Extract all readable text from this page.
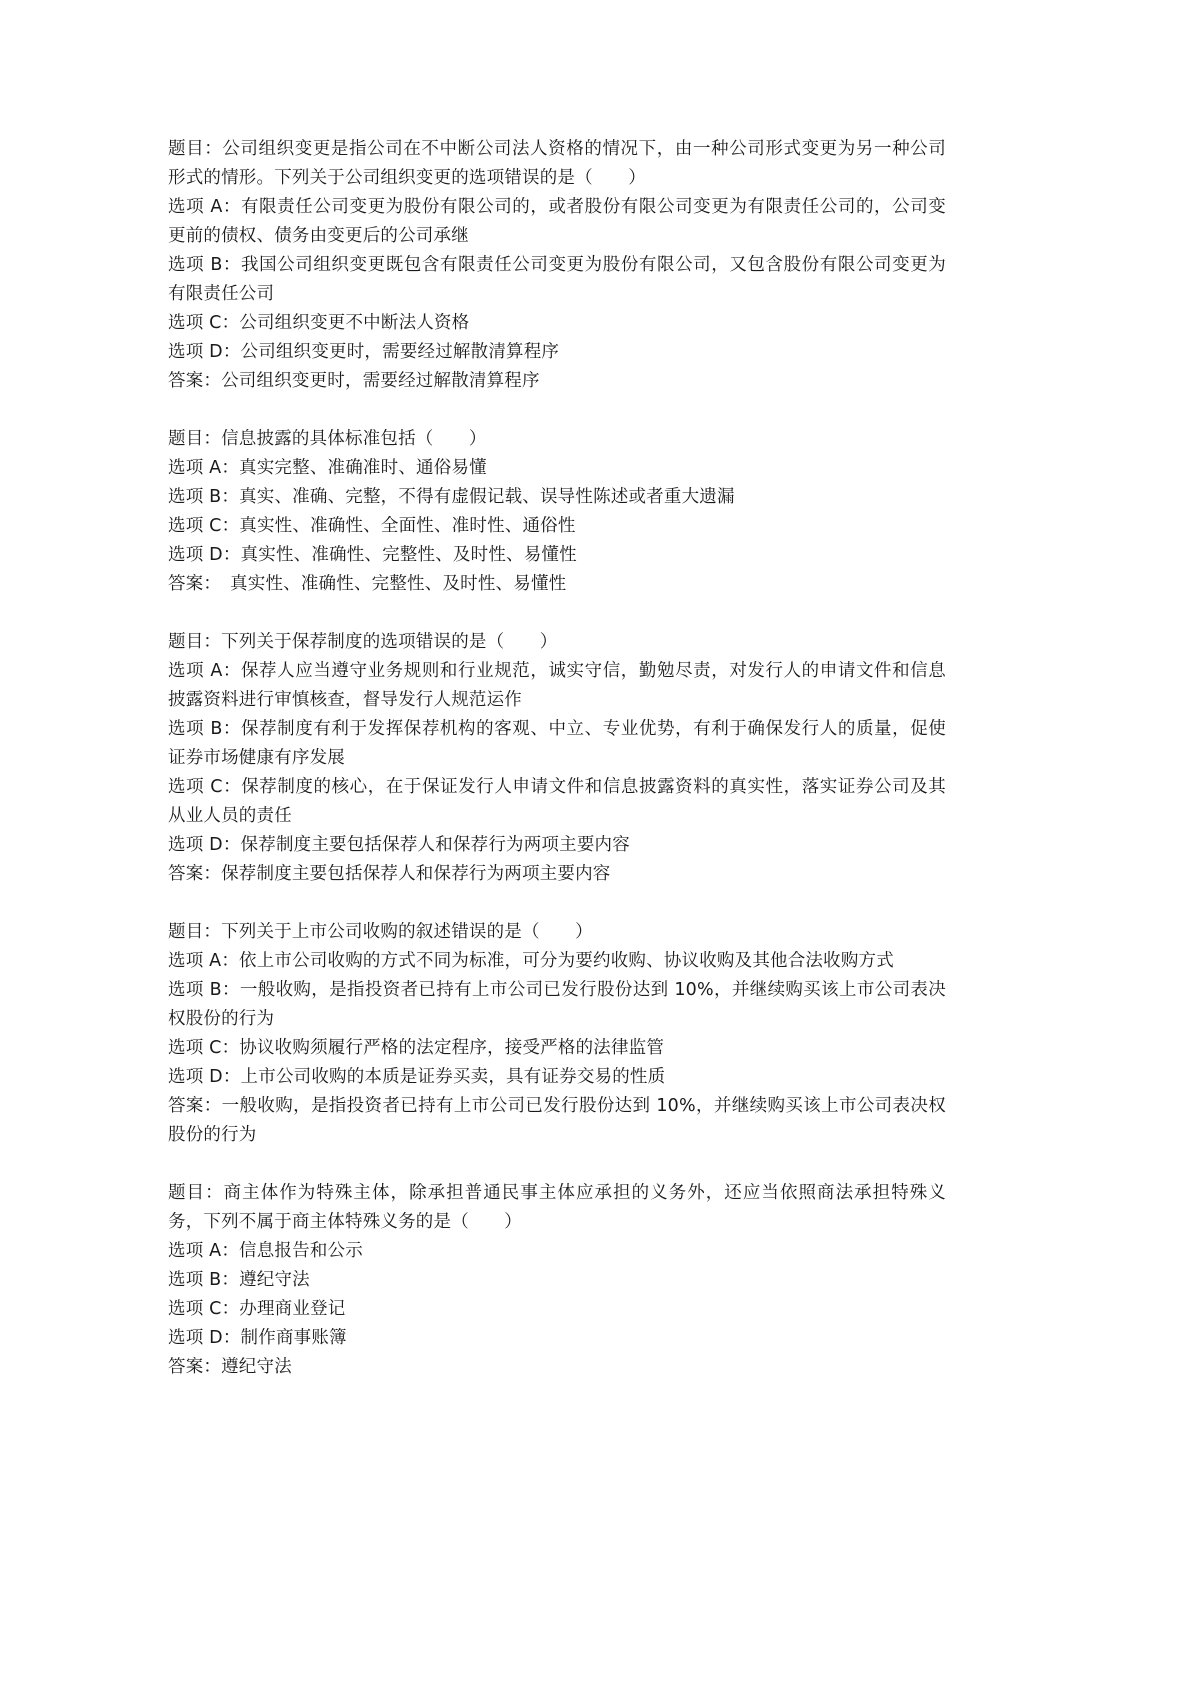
题目：公司组织变更是指公司在不中断公司法人资格的情况下，由一种公司形式变更为另一种公司形式的情形。下列关于公司组织变更的选项错误的是（　　）
选项 A：有限责任公司变更为股份有限公司的，或者股份有限公司变更为有限责任公司的，公司变更前的债权、债务由变更后的公司承继
选项 B：我国公司组织变更既包含有限责任公司变更为股份有限公司，又包含股份有限公司变更为有限责任公司
选项 C：公司组织变更不中断法人资格
选项 D：公司组织变更时，需要经过解散清算程序
答案：公司组织变更时，需要经过解散清算程序
题目：信息披露的具体标准包括（　　）
选项 A：真实完整、准确准时、通俗易懂
选项 B：真实、准确、完整，不得有虚假记载、误导性陈述或者重大遗漏
选项 C：真实性、准确性、全面性、准时性、通俗性
选项 D：真实性、准确性、完整性、及时性、易懂性
答案：　真实性、准确性、完整性、及时性、易懂性
题目：下列关于保荐制度的选项错误的是（　　）
选项 A：保荐人应当遵守业务规则和行业规范，诚实守信，勤勉尽责，对发行人的申请文件和信息披露资料进行审慎核查，督导发行人规范运作
选项 B：保荐制度有利于发挥保荐机构的客观、中立、专业优势，有利于确保发行人的质量，促使证券市场健康有序发展
选项 C：保荐制度的核心，在于保证发行人申请文件和信息披露资料的真实性，落实证券公司及其从业人员的责任
选项 D：保荐制度主要包括保荐人和保荐行为两项主要内容
答案：保荐制度主要包括保荐人和保荐行为两项主要内容
题目：下列关于上市公司收购的叙述错误的是（　　）
选项 A：依上市公司收购的方式不同为标准，可分为要约收购、协议收购及其他合法收购方式
选项 B：一般收购，是指投资者已持有上市公司已发行股份达到 10%，并继续购买该上市公司表决权股份的行为
选项 C：协议收购须履行严格的法定程序，接受严格的法律监管
选项 D：上市公司收购的本质是证券买卖，具有证券交易的性质
答案：一般收购，是指投资者已持有上市公司已发行股份达到 10%，并继续购买该上市公司表决权股份的行为
题目：商主体作为特殊主体，除承担普通民事主体应承担的义务外，还应当依照商法承担特殊义务，下列不属于商主体特殊义务的是（　　）
选项 A：信息报告和公示
选项 B：遵纪守法
选项 C：办理商业登记
选项 D：制作商事账簿
答案：遵纪守法
